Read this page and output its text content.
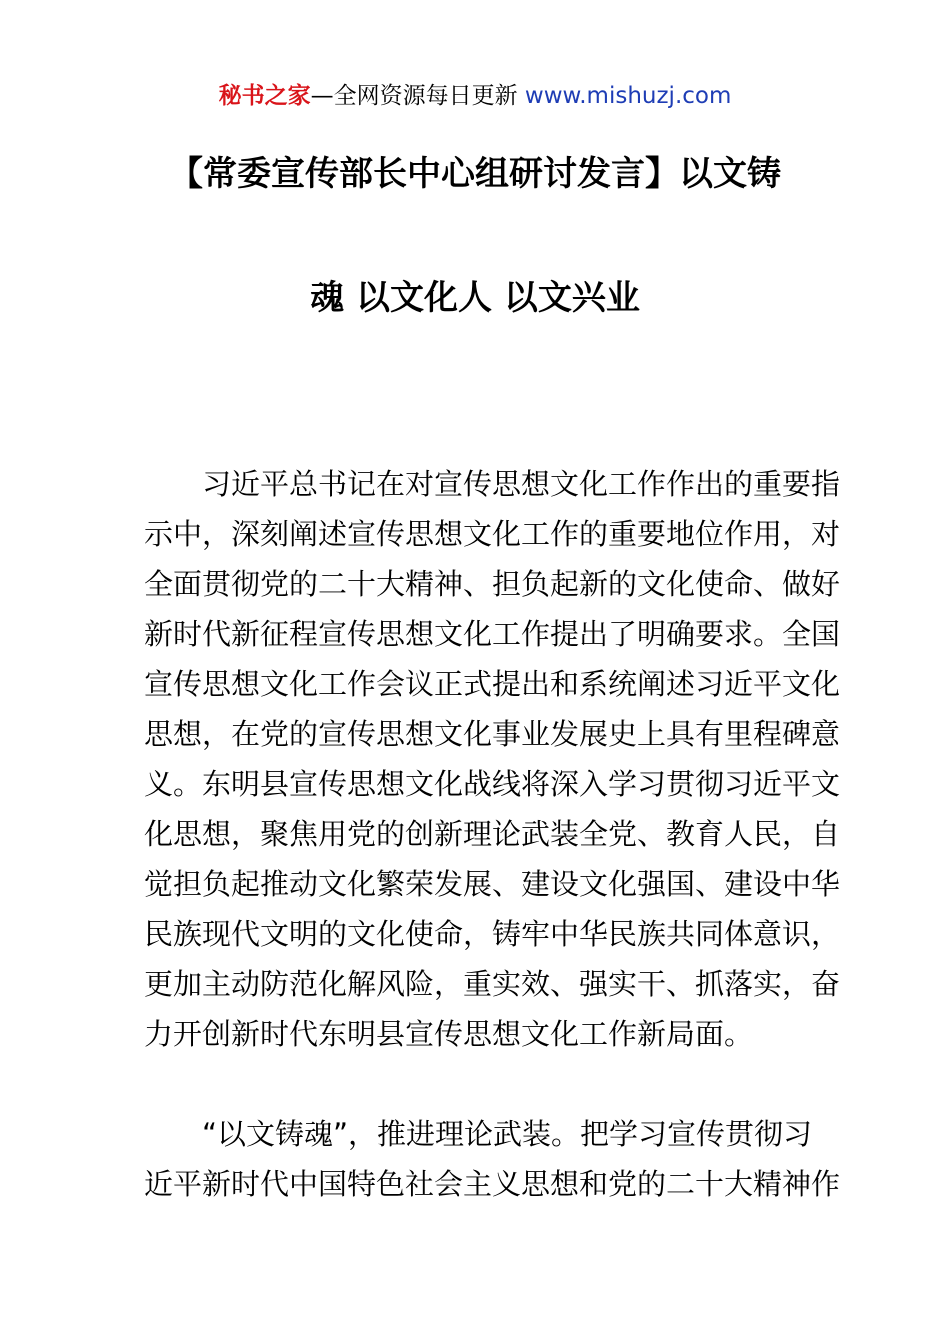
秘书之家—全网资源每日更新 www.mishuzj.com
【常委宣传部长中心组研讨发言】以文铸
魂 以文化人 以文兴业

　　习近平总书记在对宣传思想文化工作作出的重要指
示中，深刻阐述宣传思想文化工作的重要地位作用，对
全面贯彻党的二十大精神、担负起新的文化使命、做好
新时代新征程宣传思想文化工作提出了明确要求。全国
宣传思想文化工作会议正式提出和系统阐述习近平文化
思想，在党的宣传思想文化事业发展史上具有里程碑意
义。东明县宣传思想文化战线将深入学习贯彻习近平文
化思想，聚焦用党的创新理论武装全党、教育人民，自
觉担负起推动文化繁荣发展、建设文化强国、建设中华
民族现代文明的文化使命，铸牢中华民族共同体意识，
更加主动防范化解风险，重实效、强实干、抓落实，奋
力开创新时代东明县宣传思想文化工作新局面。

　　“以文铸魂”，推进理论武装。把学习宣传贯彻习
近平新时代中国特色社会主义思想和党的二十大精神作
